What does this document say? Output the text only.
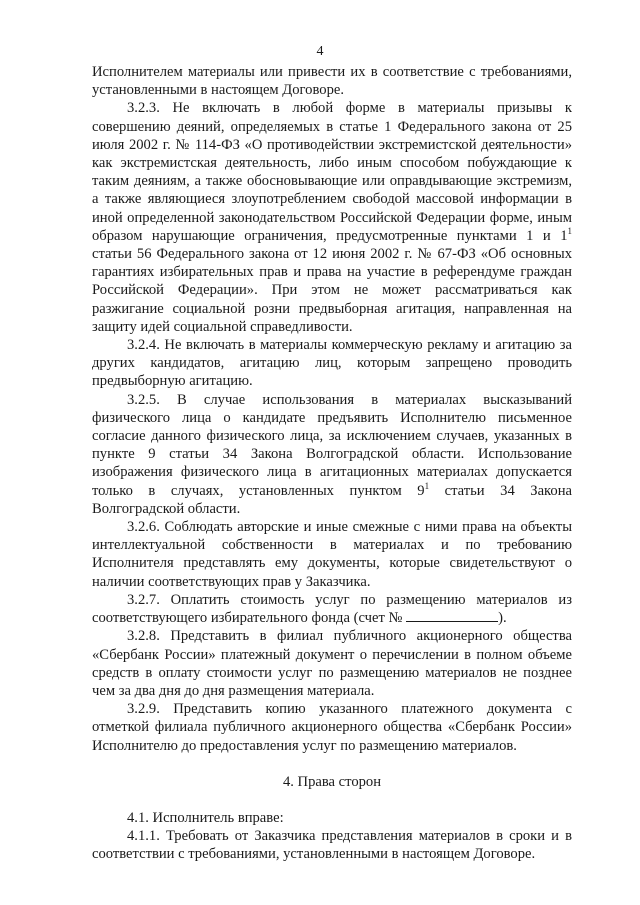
4

Исполнителем материалы или привести их в соответствие с требованиями, установленными в настоящем Договоре.

3.2.3. Не включать в любой форме в материалы призывы к совершению деяний, определяемых в статье 1 Федерального закона от 25 июля 2002 г. № 114-ФЗ «О противодействии экстремистской деятельности» как экстремистская деятельность, либо иным способом побуждающие к таким деяниям, а также обосновывающие или оправдывающие экстремизм, а также являющиеся злоупотреблением свободой массовой информации в иной определенной законодательством Российской Федерации форме, иным образом нарушающие ограничения, предусмотренные пунктами 1 и $1^1$ статьи 56 Федерального закона от 12 июня 2002 г. № 67-ФЗ «Об основных гарантиях избирательных прав и права на участие в референдуме граждан Российской Федерации». При этом не может рассматриваться как разжигание социальной розни предвыборная агитация, направленная на защиту идей социальной справедливости.

3.2.4. Не включать в материалы коммерческую рекламу и агитацию за других кандидатов, агитацию лиц, которым запрещено проводить предвыборную агитацию.

3.2.5. В случае использования в материалах высказываний физического лица о кандидате предъявить Исполнителю письменное согласие данного физического лица, за исключением случаев, указанных в пункте 9 статьи 34 Закона Волгоградской области. Использование изображения физического лица в агитационных материалах допускается только в случаях, установленных пунктом $9^1$ статьи 34 Закона Волгоградской области.

3.2.6. Соблюдать авторские и иные смежные с ними права на объекты интеллектуальной собственности в материалах и по требованию Исполнителя представлять ему документы, которые свидетельствуют о наличии соответствующих прав у Заказчика.

3.2.7. Оплатить стоимость услуг по размещению материалов из соответствующего избирательного фонда (счет №	).

3.2.8. Представить в филиал публичного акционерного общества «Сбербанк России» платежный документ о перечислении в полном объеме средств в оплату стоимости услуг по размещению материалов не позднее чем за два дня до дня размещения материала.

3.2.9. Представить копию указанного платежного документа с отметкой филиала публичного акционерного общества «Сбербанк России» Исполнителю до предоставления услуг по размещению материалов.

4. Права сторон

4.1. Исполнитель вправе:

4.1.1. Требовать от Заказчика представления материалов в сроки и в соответствии с требованиями, установленными в настоящем Договоре.
